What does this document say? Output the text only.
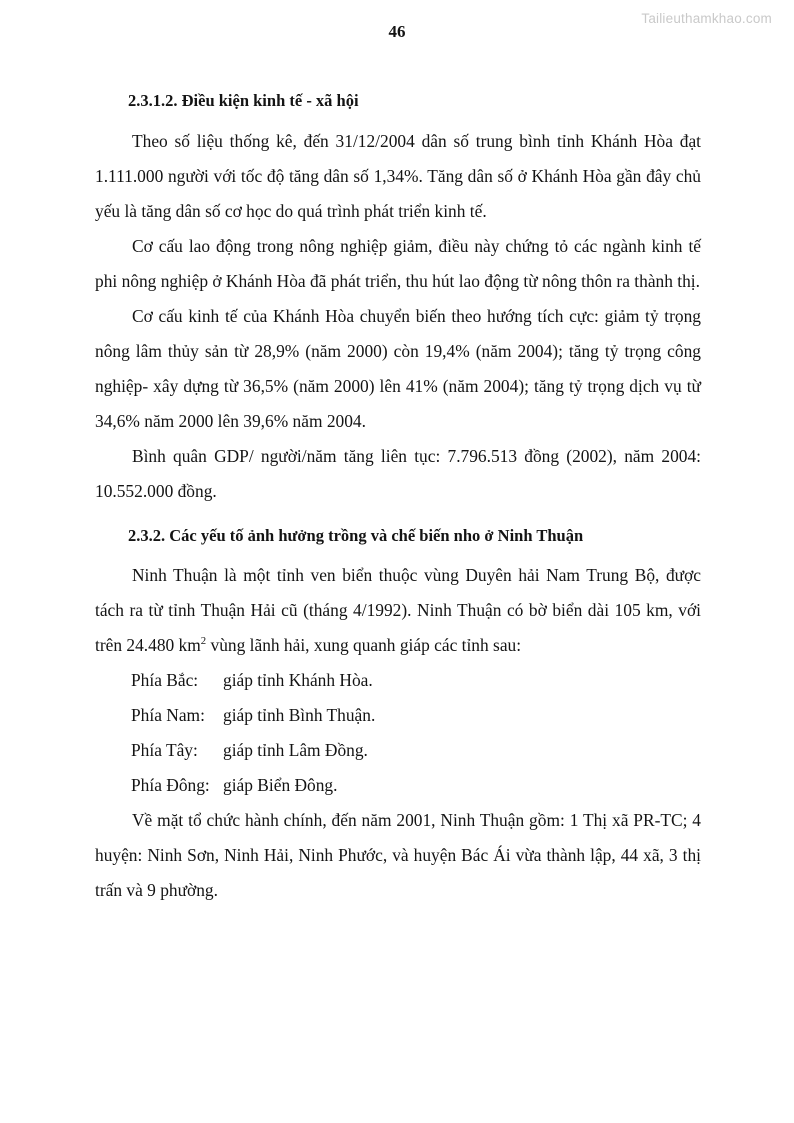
Tailieuthamkhao.com
46
2.3.1.2. Điều kiện kinh tế - xã hội

Theo số liệu thống kê, đến 31/12/2004 dân số trung bình tỉnh Khánh Hòa đạt 1.111.000 người với tốc độ tăng dân số 1,34%. Tăng dân số ở Khánh Hòa gần đây chủ yếu là tăng dân số cơ học do quá trình phát triển kinh tế.

Cơ cấu lao động trong nông nghiệp giảm, điều này chứng tỏ các ngành kinh tế phi nông nghiệp ở Khánh Hòa đã phát triển, thu hút lao động từ nông thôn ra thành thị.

Cơ cấu kinh tế của Khánh Hòa chuyển biến theo hướng tích cực: giảm tỷ trọng nông lâm thủy sản từ 28,9% (năm 2000) còn 19,4% (năm 2004); tăng tỷ trọng công nghiệp- xây dựng từ 36,5% (năm 2000) lên 41% (năm 2004); tăng tỷ trọng dịch vụ từ 34,6% năm 2000 lên 39,6% năm 2004.

Bình quân GDP/ người/năm tăng liên tục: 7.796.513 đồng (2002), năm 2004: 10.552.000 đồng.

2.3.2. Các yếu tố ảnh hưởng trồng và chế biến nho ở Ninh Thuận

Ninh Thuận là một tỉnh ven biển thuộc vùng Duyên hải Nam Trung Bộ, được tách ra từ tỉnh Thuận Hải cũ (tháng 4/1992). Ninh Thuận có bờ biển dài 105 km, với trên 24.480 $km^2$ vùng lãnh hải, xung quanh giáp các tỉnh sau:

Phía Bắc:	giáp tỉnh Khánh Hòa.
Phía Nam:	giáp tỉnh Bình Thuận.
Phía Tây:	giáp tỉnh Lâm Đồng.
Phía Đông: giáp Biển Đông.

Về mặt tổ chức hành chính, đến năm 2001, Ninh Thuận gồm: 1 Thị xã PR-TC; 4 huyện: Ninh Sơn, Ninh Hải, Ninh Phước, và huyện Bác Ái vừa thành lập, 44 xã, 3 thị trấn và 9 phường.
